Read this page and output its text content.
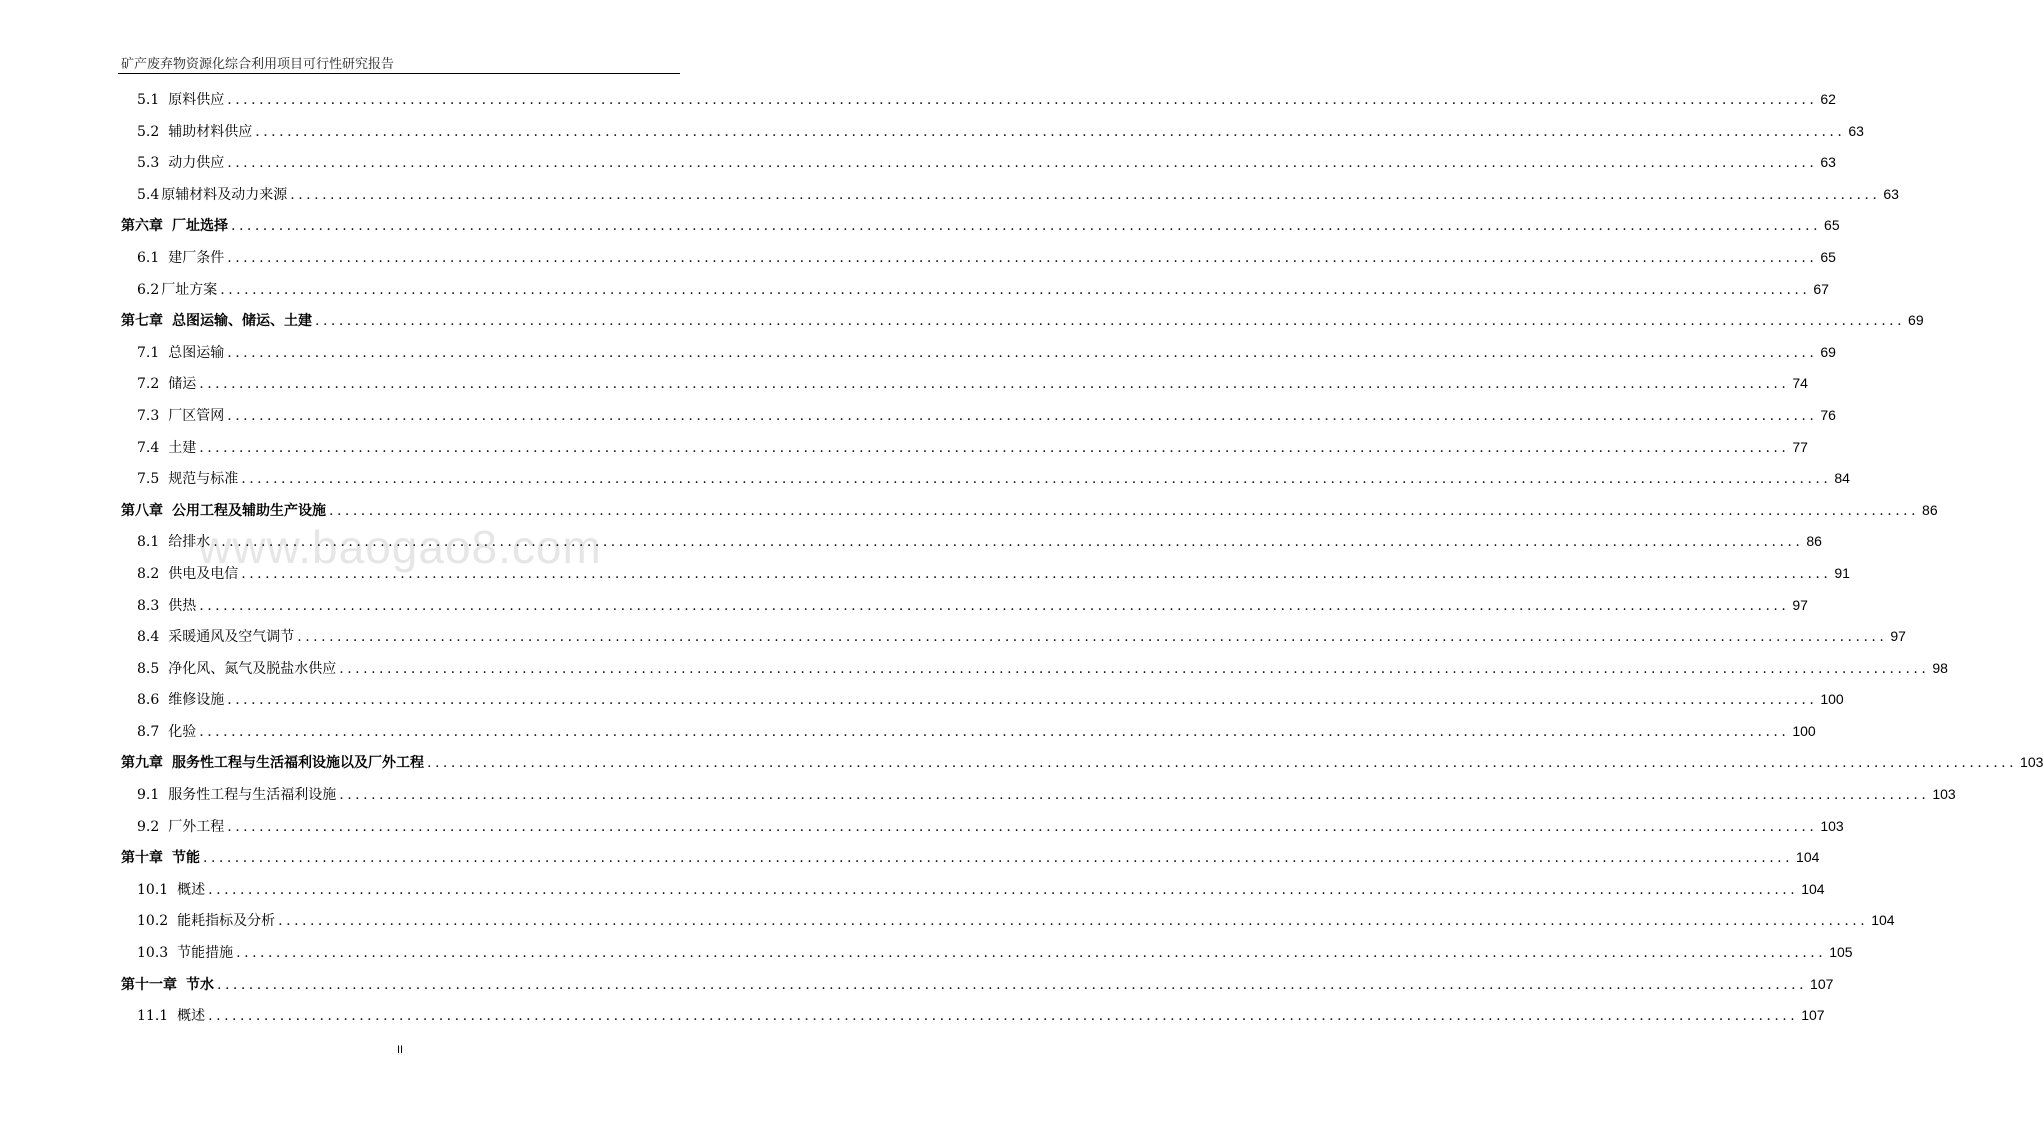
矿产废弃物资源化综合利用项目可行性研究报告
www.baogao8.com
5.1 原料供应 ........................................................................................................................................................................................................ 62
5.2 辅助材料供应 ........................................................................................................................................................................................................ 63
5.3 动力供应 ........................................................................................................................................................................................................ 63
5.4 原辅材料及动力来源 ........................................................................................................................................................................................................ 63
第六章 厂址选择 ........................................................................................................................................................................................................ 65
6.1 建厂条件 ........................................................................................................................................................................................................ 65
6.2 厂址方案 ........................................................................................................................................................................................................ 67
第七章 总图运输、储运、土建 ........................................................................................................................................................................................................ 69
7.1 总图运输 ........................................................................................................................................................................................................ 69
7.2 储运 ........................................................................................................................................................................................................ 74
7.3 厂区管网 ........................................................................................................................................................................................................ 76
7.4 土建 ........................................................................................................................................................................................................ 77
7.5 规范与标准 ........................................................................................................................................................................................................ 84
第八章 公用工程及辅助生产设施 ........................................................................................................................................................................................................ 86
8.1 给排水 ........................................................................................................................................................................................................ 86
8.2 供电及电信 ........................................................................................................................................................................................................ 91
8.3 供热 ........................................................................................................................................................................................................ 97
8.4 采暖通风及空气调节 ........................................................................................................................................................................................................ 97
8.5 净化风、氮气及脱盐水供应 ........................................................................................................................................................................................................ 98
8.6 维修设施 ........................................................................................................................................................................................................ 100
8.7 化验 ........................................................................................................................................................................................................ 100
第九章 服务性工程与生活福利设施以及厂外工程 ........................................................................................................................................................................................................ 103
9.1 服务性工程与生活福利设施 ........................................................................................................................................................................................................ 103
9.2 厂外工程 ........................................................................................................................................................................................................ 103
第十章 节能 ........................................................................................................................................................................................................ 104
10.1 概述 ........................................................................................................................................................................................................ 104
10.2 能耗指标及分析 ........................................................................................................................................................................................................ 104
10.3 节能措施 ........................................................................................................................................................................................................ 105
第十一章 节水 ........................................................................................................................................................................................................ 107
11.1 概述 ........................................................................................................................................................................................................ 107
II
